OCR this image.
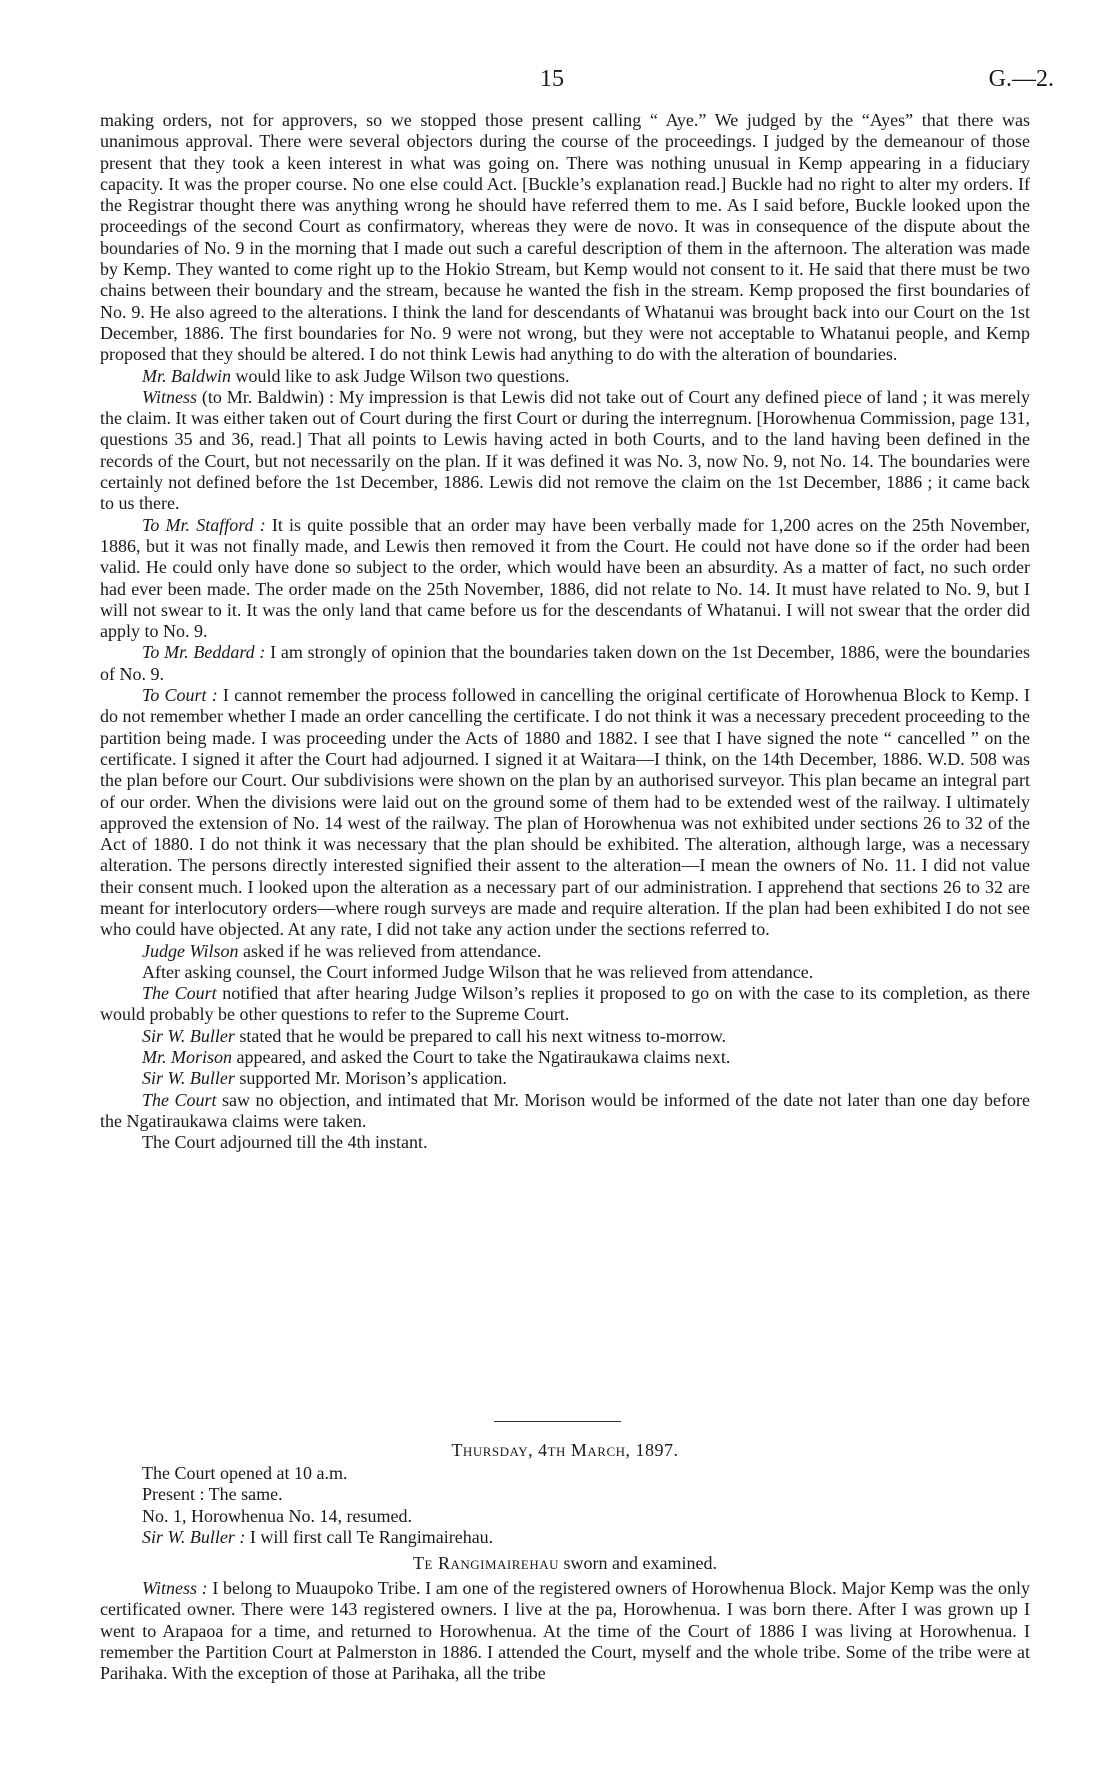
15	G.—2.

making orders, not for approvers, so we stopped those present calling “ Aye.” We judged by the “Ayes” that there was unanimous approval. There were several objectors during the course of the proceedings. I judged by the demeanour of those present that they took a keen interest in what was going on. There was nothing unusual in Kemp appearing in a fiduciary capacity. It was the proper course. No one else could Act. [Buckle’s explanation read.] Buckle had no right to alter my orders. If the Registrar thought there was anything wrong he should have referred them to me. As I said before, Buckle looked upon the proceedings of the second Court as confirmatory, whereas they were de novo. It was in consequence of the dispute about the boundaries of No. 9 in the morning that I made out such a careful description of them in the afternoon. The alteration was made by Kemp. They wanted to come right up to the Hokio Stream, but Kemp would not consent to it. He said that there must be two chains between their boundary and the stream, because he wanted the fish in the stream. Kemp proposed the first boundaries of No. 9. He also agreed to the alterations. I think the land for descendants of Whatanui was brought back into our Court on the 1st December, 1886. The first boundaries for No. 9 were not wrong, but they were not acceptable to Whatanui people, and Kemp proposed that they should be altered. I do not think Lewis had anything to do with the alteration of boundaries.

Mr. Baldwin would like to ask Judge Wilson two questions.

Witness (to Mr. Baldwin) : My impression is that Lewis did not take out of Court any defined piece of land ; it was merely the claim. It was either taken out of Court during the first Court or during the interregnum. [Horowhenua Commission, page 131, questions 35 and 36, read.] That all points to Lewis having acted in both Courts, and to the land having been defined in the records of the Court, but not necessarily on the plan. If it was defined it was No. 3, now No. 9, not No. 14. The boundaries were certainly not defined before the 1st December, 1886. Lewis did not remove the claim on the 1st December, 1886 ; it came back to us there.

To Mr. Stafford : It is quite possible that an order may have been verbally made for 1,200 acres on the 25th November, 1886, but it was not finally made, and Lewis then removed it from the Court. He could not have done so if the order had been valid. He could only have done so subject to the order, which would have been an absurdity. As a matter of fact, no such order had ever been made. The order made on the 25th November, 1886, did not relate to No. 14. It must have related to No. 9, but I will not swear to it. It was the only land that came before us for the descendants of Whatanui. I will not swear that the order did apply to No. 9.

To Mr. Beddard : I am strongly of opinion that the boundaries taken down on the 1st December, 1886, were the boundaries of No. 9.

To Court : I cannot remember the process followed in cancelling the original certificate of Horowhenua Block to Kemp. I do not remember whether I made an order cancelling the certificate. I do not think it was a necessary precedent proceeding to the partition being made. I was proceeding under the Acts of 1880 and 1882. I see that I have signed the note “ cancelled ” on the certificate. I signed it after the Court had adjourned. I signed it at Waitara—I think, on the 14th December, 1886. W.D. 508 was the plan before our Court. Our subdivisions were shown on the plan by an authorised surveyor. This plan became an integral part of our order. When the divisions were laid out on the ground some of them had to be extended west of the railway. I ultimately approved the extension of No. 14 west of the railway. The plan of Horowhenua was not exhibited under sections 26 to 32 of the Act of 1880. I do not think it was necessary that the plan should be exhibited. The alteration, although large, was a necessary alteration. The persons directly interested signified their assent to the alteration—I mean the owners of No. 11. I did not value their consent much. I looked upon the alteration as a necessary part of our administration. I apprehend that sections 26 to 32 are meant for interlocutory orders—where rough surveys are made and require alteration. If the plan had been exhibited I do not see who could have objected. At any rate, I did not take any action under the sections referred to.

Judge Wilson asked if he was relieved from attendance.

After asking counsel, the Court informed Judge Wilson that he was relieved from attendance.

The Court notified that after hearing Judge Wilson’s replies it proposed to go on with the case to its completion, as there would probably be other questions to refer to the Supreme Court.

Sir W. Buller stated that he would be prepared to call his next witness to-morrow.

Mr. Morison appeared, and asked the Court to take the Ngatiraukawa claims next.

Sir W. Buller supported Mr. Morison’s application.

The Court saw no objection, and intimated that Mr. Morison would be informed of the date not later than one day before the Ngatiraukawa claims were taken.

The Court adjourned till the 4th instant.

Thursday, 4th March, 1897.

The Court opened at 10 a.m.

Present : The same.

No. 1, Horowhenua No. 14, resumed.

Sir W. Buller : I will first call Te Rangimairehau.

Te Rangimairehau sworn and examined.

Witness : I belong to Muaupoko Tribe. I am one of the registered owners of Horowhenua Block. Major Kemp was the only certificated owner. There were 143 registered owners. I live at the pa, Horowhenua. I was born there. After I was grown up I went to Arapaoa for a time, and returned to Horowhenua. At the time of the Court of 1886 I was living at Horowhenua. I remember the Partition Court at Palmerston in 1886. I attended the Court, myself and the whole tribe. Some of the tribe were at Parihaka. With the exception of those at Parihaka, all the tribe
